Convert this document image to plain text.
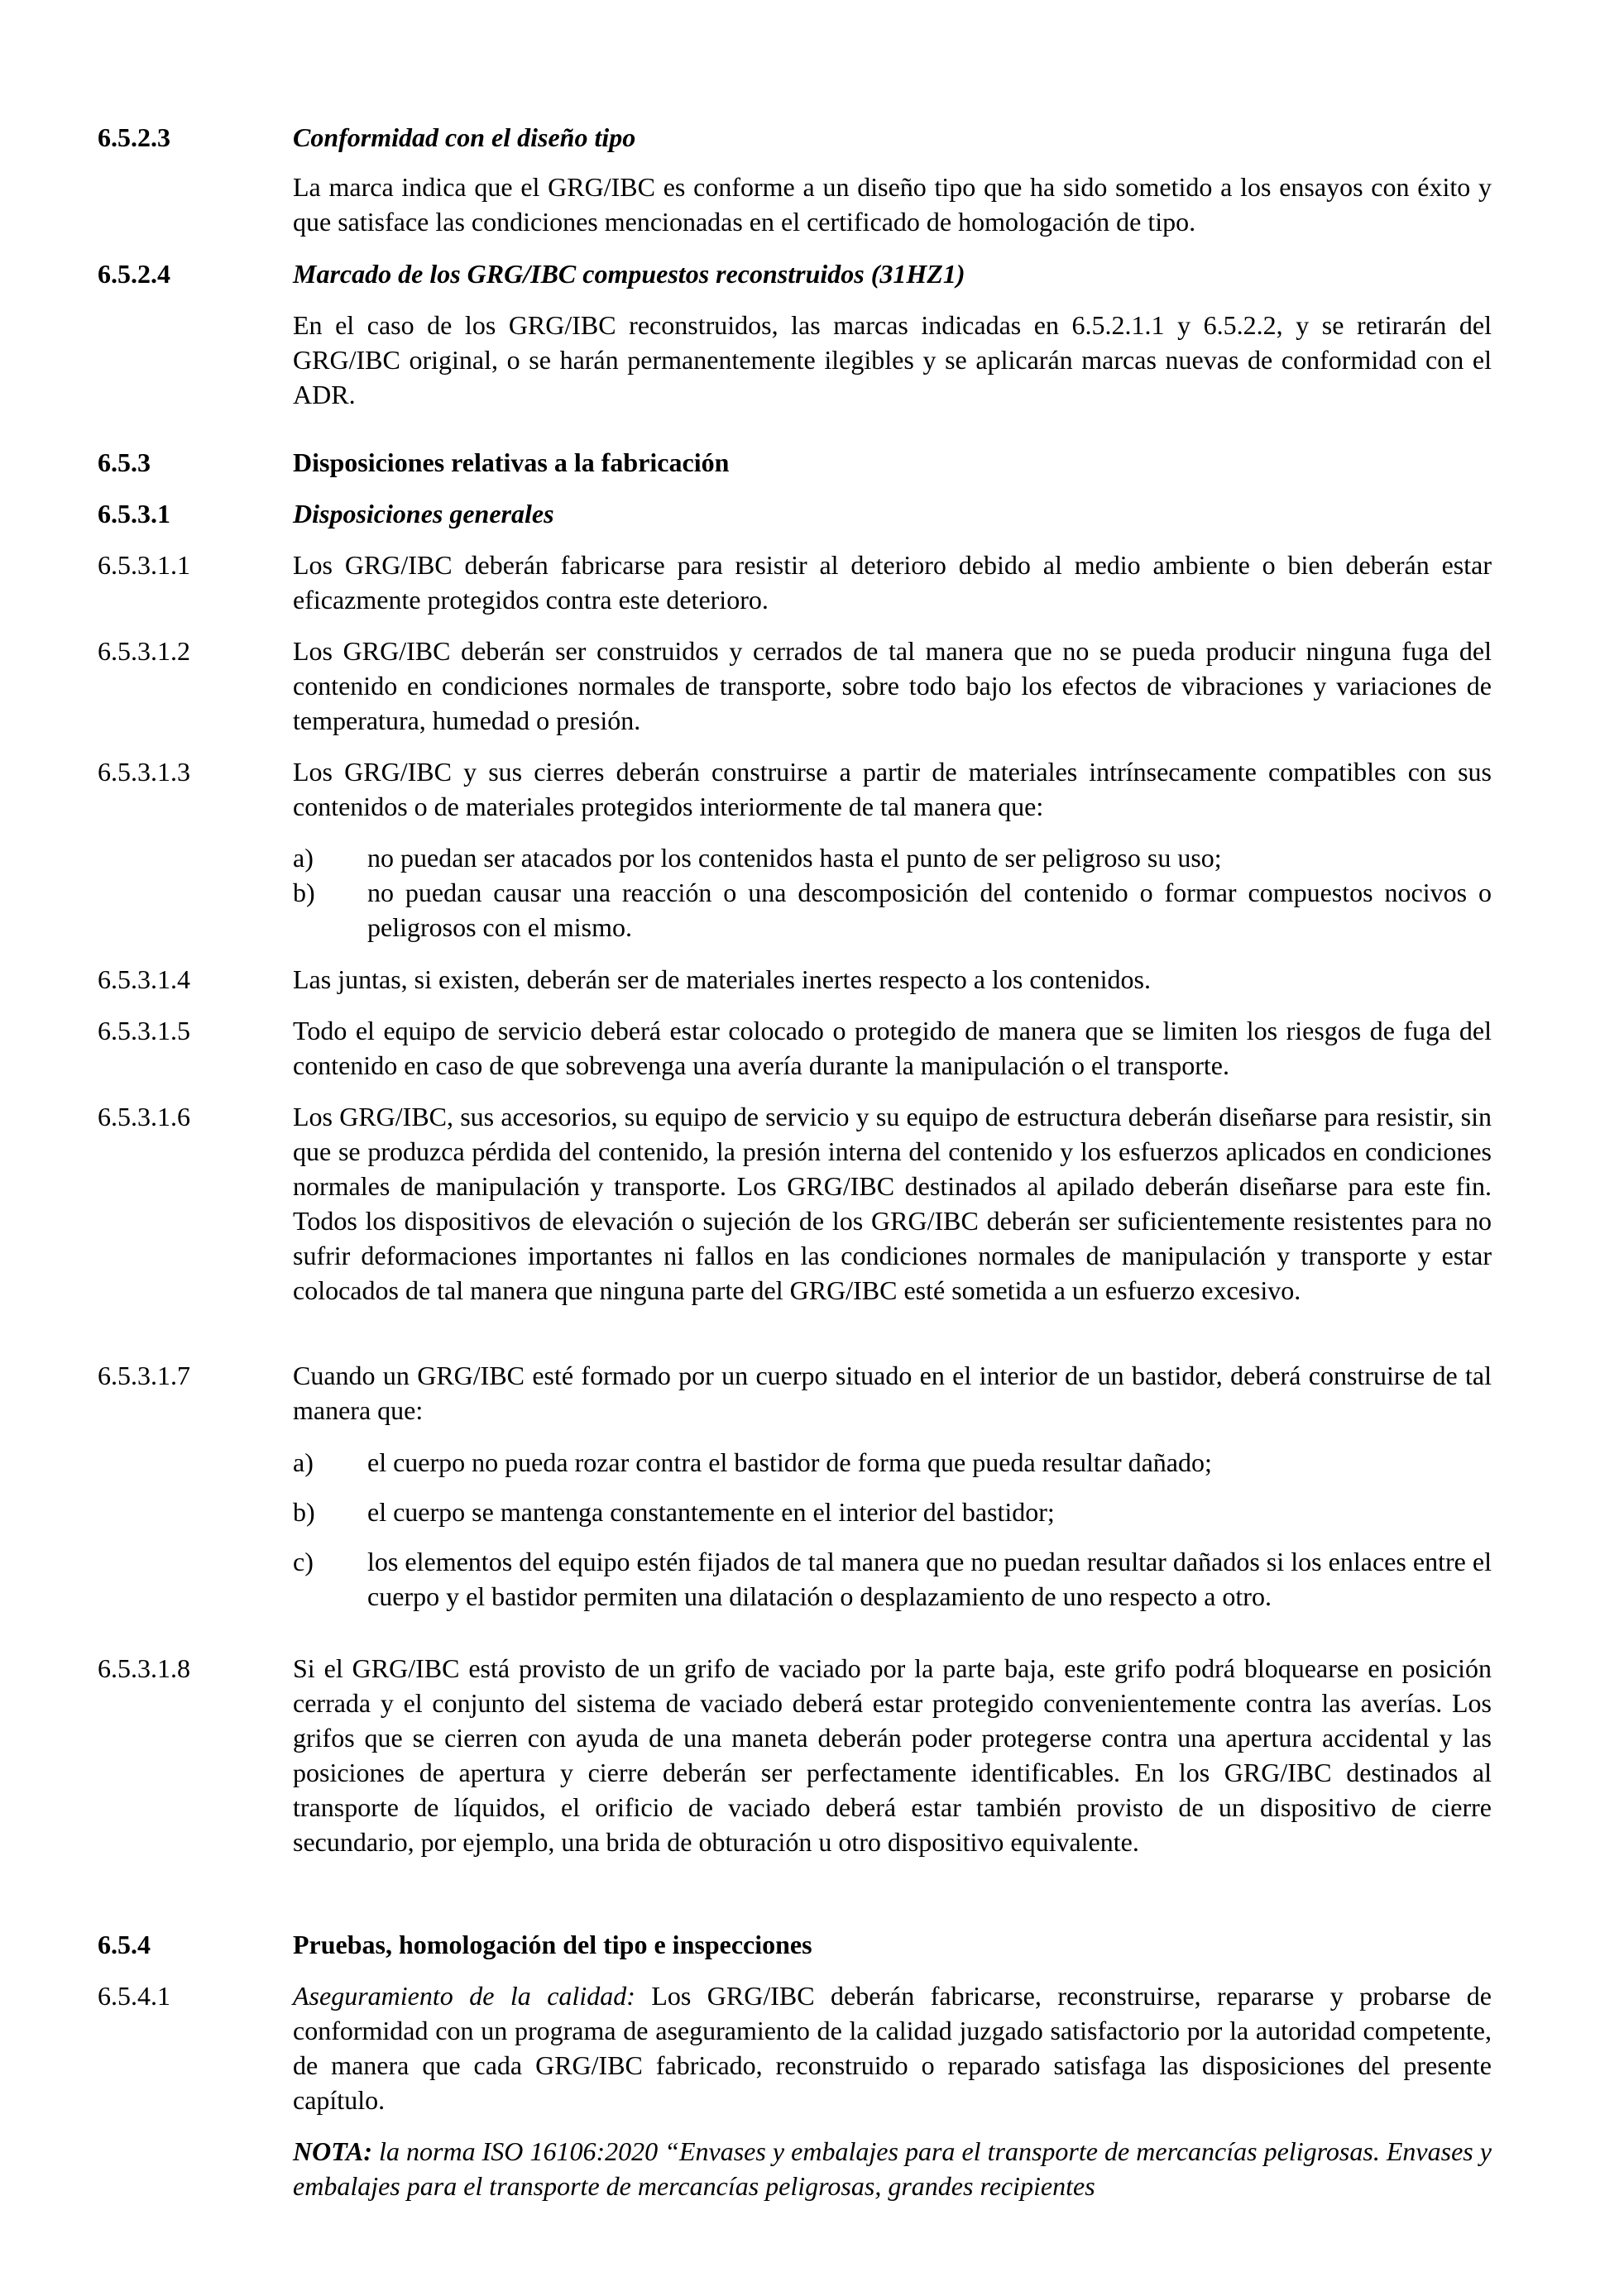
6.5.2.3	Conformidad con el diseño tipo
La marca indica que el GRG/IBC es conforme a un diseño tipo que ha sido sometido a los ensayos con éxito y que satisface las condiciones mencionadas en el certificado de homologación de tipo.
6.5.2.4	Marcado de los GRG/IBC compuestos reconstruidos (31HZ1)
En el caso de los GRG/IBC reconstruidos, las marcas indicadas en 6.5.2.1.1 y 6.5.2.2, y se retirarán del GRG/IBC original, o se harán permanentemente ilegibles y se aplicarán marcas nuevas de conformidad con el ADR.
6.5.3	Disposiciones relativas a la fabricación
6.5.3.1	Disposiciones generales
6.5.3.1.1	Los GRG/IBC deberán fabricarse para resistir al deterioro debido al medio ambiente o bien deberán estar eficazmente protegidos contra este deterioro.
6.5.3.1.2	Los GRG/IBC deberán ser construidos y cerrados de tal manera que no se pueda producir ninguna fuga del contenido en condiciones normales de transporte, sobre todo bajo los efectos de vibraciones y variaciones de temperatura, humedad o presión.
6.5.3.1.3	Los GRG/IBC y sus cierres deberán construirse a partir de materiales intrínsecamente compatibles con sus contenidos o de materiales protegidos interiormente de tal manera que:
a)	no puedan ser atacados por los contenidos hasta el punto de ser peligroso su uso;
b)	no puedan causar una reacción o una descomposición del contenido o formar compuestos nocivos o peligrosos con el mismo.
6.5.3.1.4	Las juntas, si existen, deberán ser de materiales inertes respecto a los contenidos.
6.5.3.1.5	Todo el equipo de servicio deberá estar colocado o protegido de manera que se limiten los riesgos de fuga del contenido en caso de que sobrevenga una avería durante la manipulación o el transporte.
6.5.3.1.6	Los GRG/IBC, sus accesorios, su equipo de servicio y su equipo de estructura deberán diseñarse para resistir, sin que se produzca pérdida del contenido, la presión interna del contenido y los esfuerzos aplicados en condiciones normales de manipulación y transporte. Los GRG/IBC destinados al apilado deberán diseñarse para este fin. Todos los dispositivos de elevación o sujeción de los GRG/IBC deberán ser suficientemente resistentes para no sufrir deformaciones importantes ni fallos en las condiciones normales de manipulación y transporte y estar colocados de tal manera que ninguna parte del GRG/IBC esté sometida a un esfuerzo excesivo.
6.5.3.1.7	Cuando un GRG/IBC esté formado por un cuerpo situado en el interior de un bastidor, deberá construirse de tal manera que:
a)	el cuerpo no pueda rozar contra el bastidor de forma que pueda resultar dañado;
b)	el cuerpo se mantenga constantemente en el interior del bastidor;
c)	los elementos del equipo estén fijados de tal manera que no puedan resultar dañados si los enlaces entre el cuerpo y el bastidor permiten una dilatación o desplazamiento de uno respecto a otro.
6.5.3.1.8	Si el GRG/IBC está provisto de un grifo de vaciado por la parte baja, este grifo podrá bloquearse en posición cerrada y el conjunto del sistema de vaciado deberá estar protegido convenientemente contra las averías. Los grifos que se cierren con ayuda de una maneta deberán poder protegerse contra una apertura accidental y las posiciones de apertura y cierre deberán ser perfectamente identificables. En los GRG/IBC destinados al transporte de líquidos, el orificio de vaciado deberá estar también provisto de un dispositivo de cierre secundario, por ejemplo, una brida de obturación u otro dispositivo equivalente.
6.5.4	Pruebas, homologación del tipo e inspecciones
6.5.4.1	Aseguramiento de la calidad: Los GRG/IBC deberán fabricarse, reconstruirse, repararse y probarse de conformidad con un programa de aseguramiento de la calidad juzgado satisfactorio por la autoridad competente, de manera que cada GRG/IBC fabricado, reconstruido o reparado satisfaga las disposiciones del presente capítulo.
NOTA: la norma ISO 16106:2020 “Envases y embalajes para el transporte de mercancías peligrosas. Envases y embalajes para el transporte de mercancías peligrosas, grandes recipientes
